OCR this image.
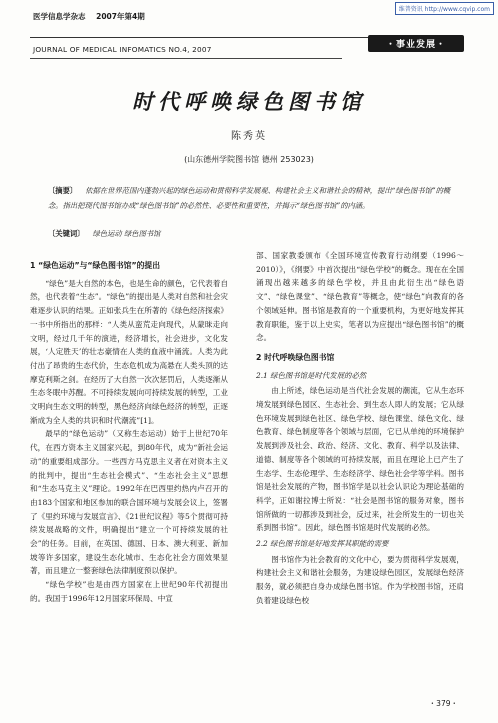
维普资讯 http://www.cqvip.com
医学信息学杂志 2007年第4期
・事业发展・
JOURNAL OF MEDICAL INFOMATICS NO.4, 2007
时代呼唤绿色图书馆
陈秀英
(山东德州学院图书馆 德州 253023)
〔摘要〕 依据在世界范围内蓬勃兴起的绿色运动和贯彻科学发展观、构建社会主义和谐社会的精神，提出“绿色图书馆”的概念。指出把现代图书馆办成“绿色图书馆”的必然性、必要性和重要性，并揭示“绿色图书馆”的内涵。
〔关键词〕 绿色运动 绿色图书馆
1 “绿色运动”与“绿色图书馆”的提出

“绿色”是大自然的本色，也是生命的颜色，它代表着自然，也代表着“生态”。“绿色”的提出是人类对自然和社会灾难逐步认识的结果。正如张兵生在所著的《绿色经济探索》一书中所指出的那样：“人类从蛮荒走向现代，从蒙昧走向文明，经过几千年的演进，经济增长，社会进步，文化发展，‘人定胜天’的壮志豪情在人类的血液中涌流。人类为此付出了昂贵的生态代价，生态危机成为高悬在人类头顶的达摩克利斯之剑。在经历了大自然一次次惩罚后，人类逐渐从生态冬眠中苏醒。不可持续发展向可持续发展的转型，工业文明向生态文明的转型，黑色经济向绿色经济的转型，正逐渐成为全人类的共识和时代潮流”[1]。

最早的“绿色运动”（又称生态运动）始于上世纪70年代，在西方资本主义国家兴起，到80年代，成为“新社会运动”的重要组成部分。一些西方马克思主义者在对资本主义的批判中，提出“生态社会模式”、“生态社会主义”思想和“生态马克主义”理论。1992年在巴西里约热内卢召开的由183个国家和地区参加的联合国环境与发展会议上，签署了《里约环境与发展宣言》、《21世纪议程》等5个贯彻可持续发展战略的文件，明确提出“建立一个可持续发展的社会”的任务。目前，在英国、德国、日本、澳大利亚、新加坡等许多国家，建设生态化城市、生态化社会方面效果显著，而且建立一整套绿色法律制度预以保护。

“绿色学校”也是由西方国家在上世纪90年代初提出的。我国于1996年12月国家环保局、中宣

部、国家教委颁布《全国环境宣传教育行动纲要（1996～2010）》，《纲要》中首次提出“绿色学校”的概念。现在在全国涌现出越来越多的绿色学校，并且由此衍生出“绿色语文”、“绿色课堂”、“绿色教育”等概念，使“绿色”向教育的各个领域延伸。图书馆是教育的一个重要机构，为更好地发挥其教育职能，鉴于以上史实，笔者以为应提出“绿色图书馆”的概念。

2 时代呼唤绿色图书馆
2.1 绿色图书馆是时代发展的必然

由上所述，绿色运动是当代社会发展的潮流，它从生态环境发展到绿色园区、生态社会、到生态人即人的发展；它从绿色环境发展到绿色社区、绿色学校、绿色课堂、绿色文化、绿色教育、绿色制度等各个领域与层面，它已从单纯的环境保护发展到涉及社会、政治、经济、文化、教育、科学以及法律、道德、制度等各个领域的可持续发展，而且在理论上已产生了生态学、生态伦理学、生态经济学、绿色社会学等学科。图书馆是社会发展的产物，图书馆学是以社会认识论为理论基础的科学，正如谢拉博士所说：“社会是图书馆的服务对象，图书馆所做的一切都涉及到社会，反过来，社会所发生的一切也关系到图书馆”。因此，绿色图书馆是时代发展的必然。

2.2 绿色图书馆是好地发挥其职能的需要

图书馆作为社会教育的文化中心，要为贯彻科学发展观，构建社会主义和谐社会服务，为建设绿色园区，发展绿色经济服务，就必须把自身办成绿色图书馆。作为学校图书馆，还肩负着建设绿色校

・379・
